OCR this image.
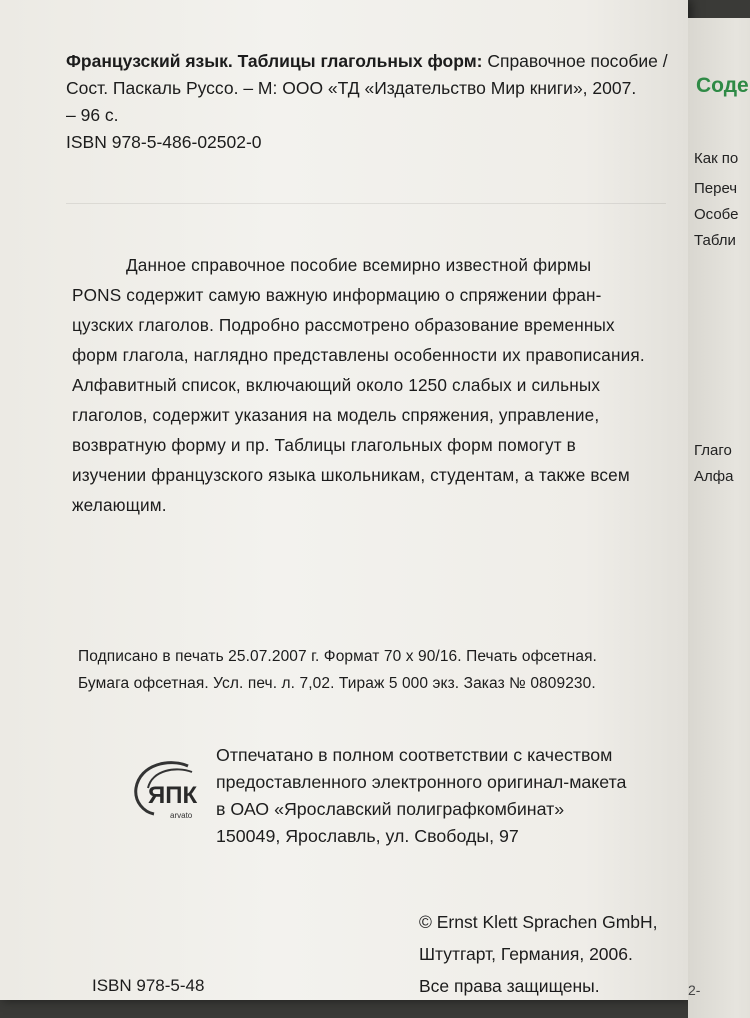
Французский язык. Таблицы глагольных форм: Справочное пособие /
Сост. Паскаль Руссо. – М: ООО «ТД «Издательство Мир книги», 2007.
– 96 с.
ISBN 978-5-486-02502-0
Данное справочное пособие всемирно известной фирмы
PONS содержит самую важную информацию о спряжении фран-
цузских глаголов. Подробно рассмотрено образование временных
форм глагола, наглядно представлены особенности их правописания.
Алфавитный список, включающий около 1250 слабых и сильных
глаголов, содержит указания на модель спряжения, управление,
возвратную форму и пр. Таблицы глагольных форм помогут в
изучении французского языка школьникам, студентам, а также всем
желающим.
Подписано в печать 25.07.2007 г. Формат 70 х 90/16. Печать офсетная.
Бумага офсетная. Усл. печ. л. 7,02. Тираж 5 000 экз. Заказ № 0809230.
ЯПК
arvato
Отпечатано в полном соответствии с качеством
предоставленного электронного оригинал-макета
в ОАО «Ярославский полиграфкомбинат»
150049, Ярославль, ул. Свободы, 97
© Ernst Klett Sprachen GmbH,
Штутгарт, Германия, 2006.
Все права защищены.
ISBN 978-5-48
Содe
Как по
Переч
Особе
Табли
Глаго
Алфа
2-
